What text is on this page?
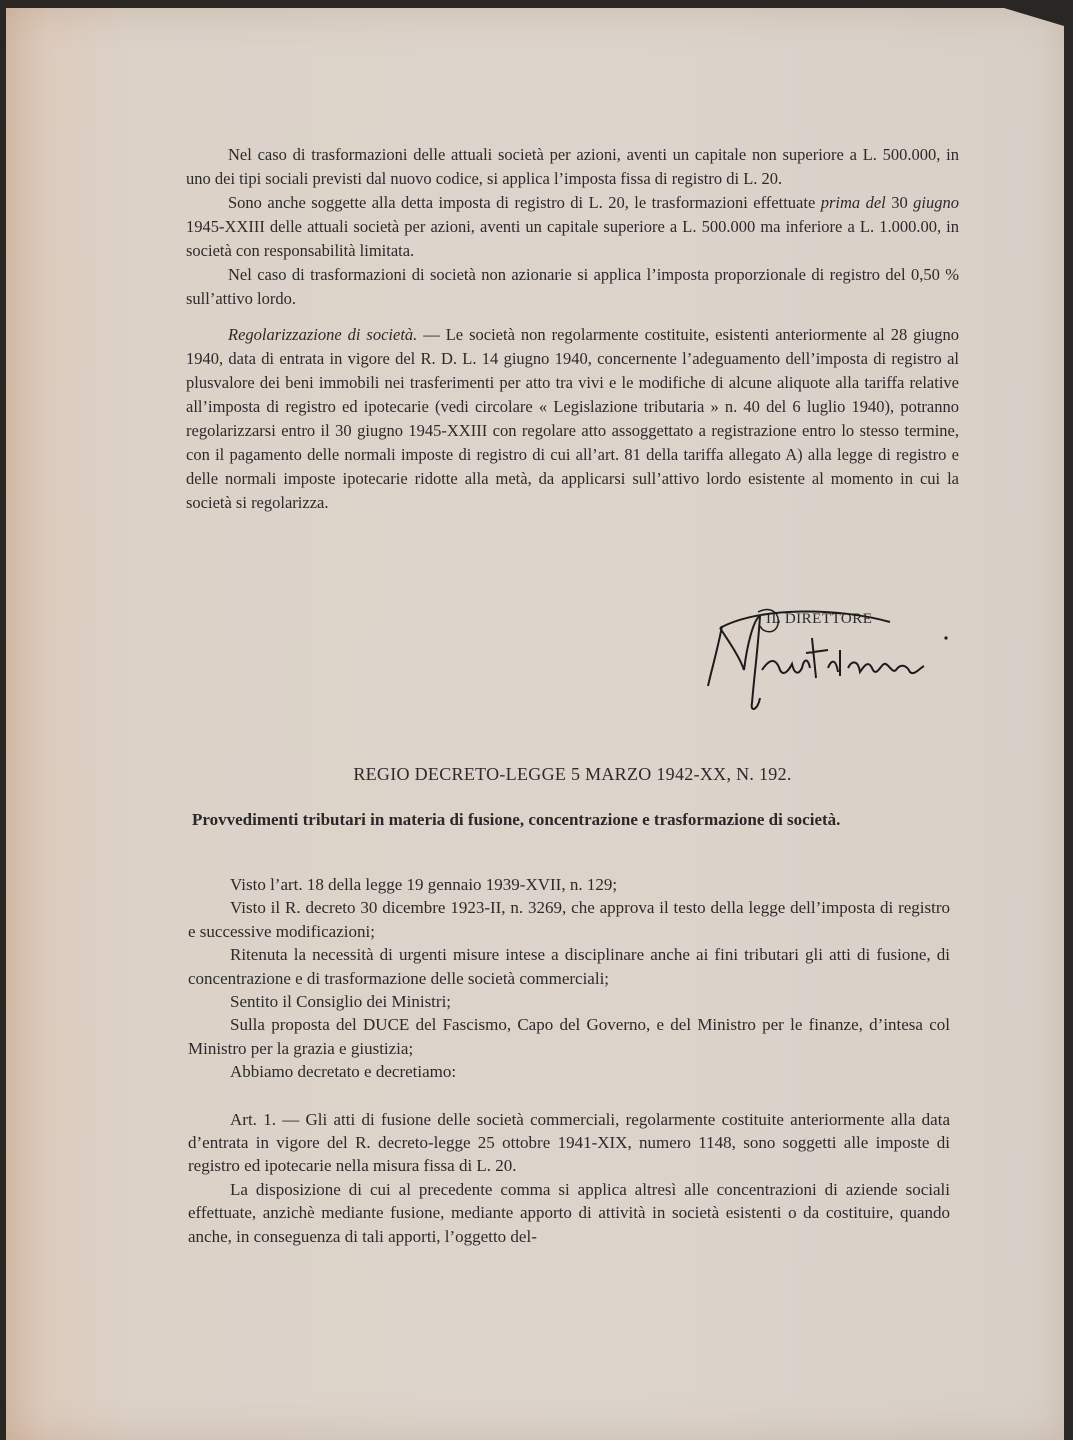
Nel caso di trasformazioni delle attuali società per azioni, aventi un capitale non superiore a L. 500.000, in uno dei tipi sociali previsti dal nuovo codice, si applica l’imposta fissa di registro di L. 20.

Sono anche soggette alla detta imposta di registro di L. 20, le trasformazioni effettuate prima del 30 giugno 1945-XXIII delle attuali società per azioni, aventi un capitale superiore a L. 500.000 ma inferiore a L. 1.000.00, in società con responsabilità limitata.

Nel caso di trasformazioni di società non azionarie si applica l’imposta proporzionale di registro del 0,50 % sull’attivo lordo.

Regolarizzazione di società. — Le società non regolarmente costituite, esistenti anteriormente al 28 giugno 1940, data di entrata in vigore del R. D. L. 14 giugno 1940, concernente l’adeguamento dell’imposta di registro al plusvalore dei beni immobili nei trasferimenti per atto tra vivi e le modifiche di alcune aliquote alla tariffa relative all’imposta di registro ed ipotecarie (vedi circolare « Legislazione tributaria » n. 40 del 6 luglio 1940), potranno regolarizzarsi entro il 30 giugno 1945-XXIII con regolare atto assoggettato a registrazione entro lo stesso termine, con il pagamento delle normali imposte di registro di cui all’art. 81 della tariffa allegato A) alla legge di registro e delle normali imposte ipotecarie ridotte alla metà, da applicarsi sull’attivo lordo esistente al momento in cui la società si regolarizza.

IL DIRETTORE
REGIO DECRETO-LEGGE 5 MARZO 1942-XX, N. 192.
Provvedimenti tributari in materia di fusione, concentrazione e trasformazione di società.

Visto l’art. 18 della legge 19 gennaio 1939-XVII, n. 129;

Visto il R. decreto 30 dicembre 1923-II, n. 3269, che approva il testo della legge dell’imposta di registro e successive modificazioni;

Ritenuta la necessità di urgenti misure intese a disciplinare anche ai fini tributari gli atti di fusione, di concentrazione e di trasformazione delle società commerciali;

Sentito il Consiglio dei Ministri;

Sulla proposta del DUCE del Fascismo, Capo del Governo, e del Ministro per le finanze, d’intesa col Ministro per la grazia e giustizia;

Abbiamo decretato e decretiamo:

Art. 1. — Gli atti di fusione delle società commerciali, regolarmente costituite anteriormente alla data d’entrata in vigore del R. decreto-legge 25 ottobre 1941-XIX, numero 1148, sono soggetti alle imposte di registro ed ipotecarie nella misura fissa di L. 20.

La disposizione di cui al precedente comma si applica altresì alle concentrazioni di aziende sociali effettuate, anzichè mediante fusione, mediante apporto di attività in società esistenti o da costituire, quando anche, in conseguenza di tali apporti, l’oggetto del-
